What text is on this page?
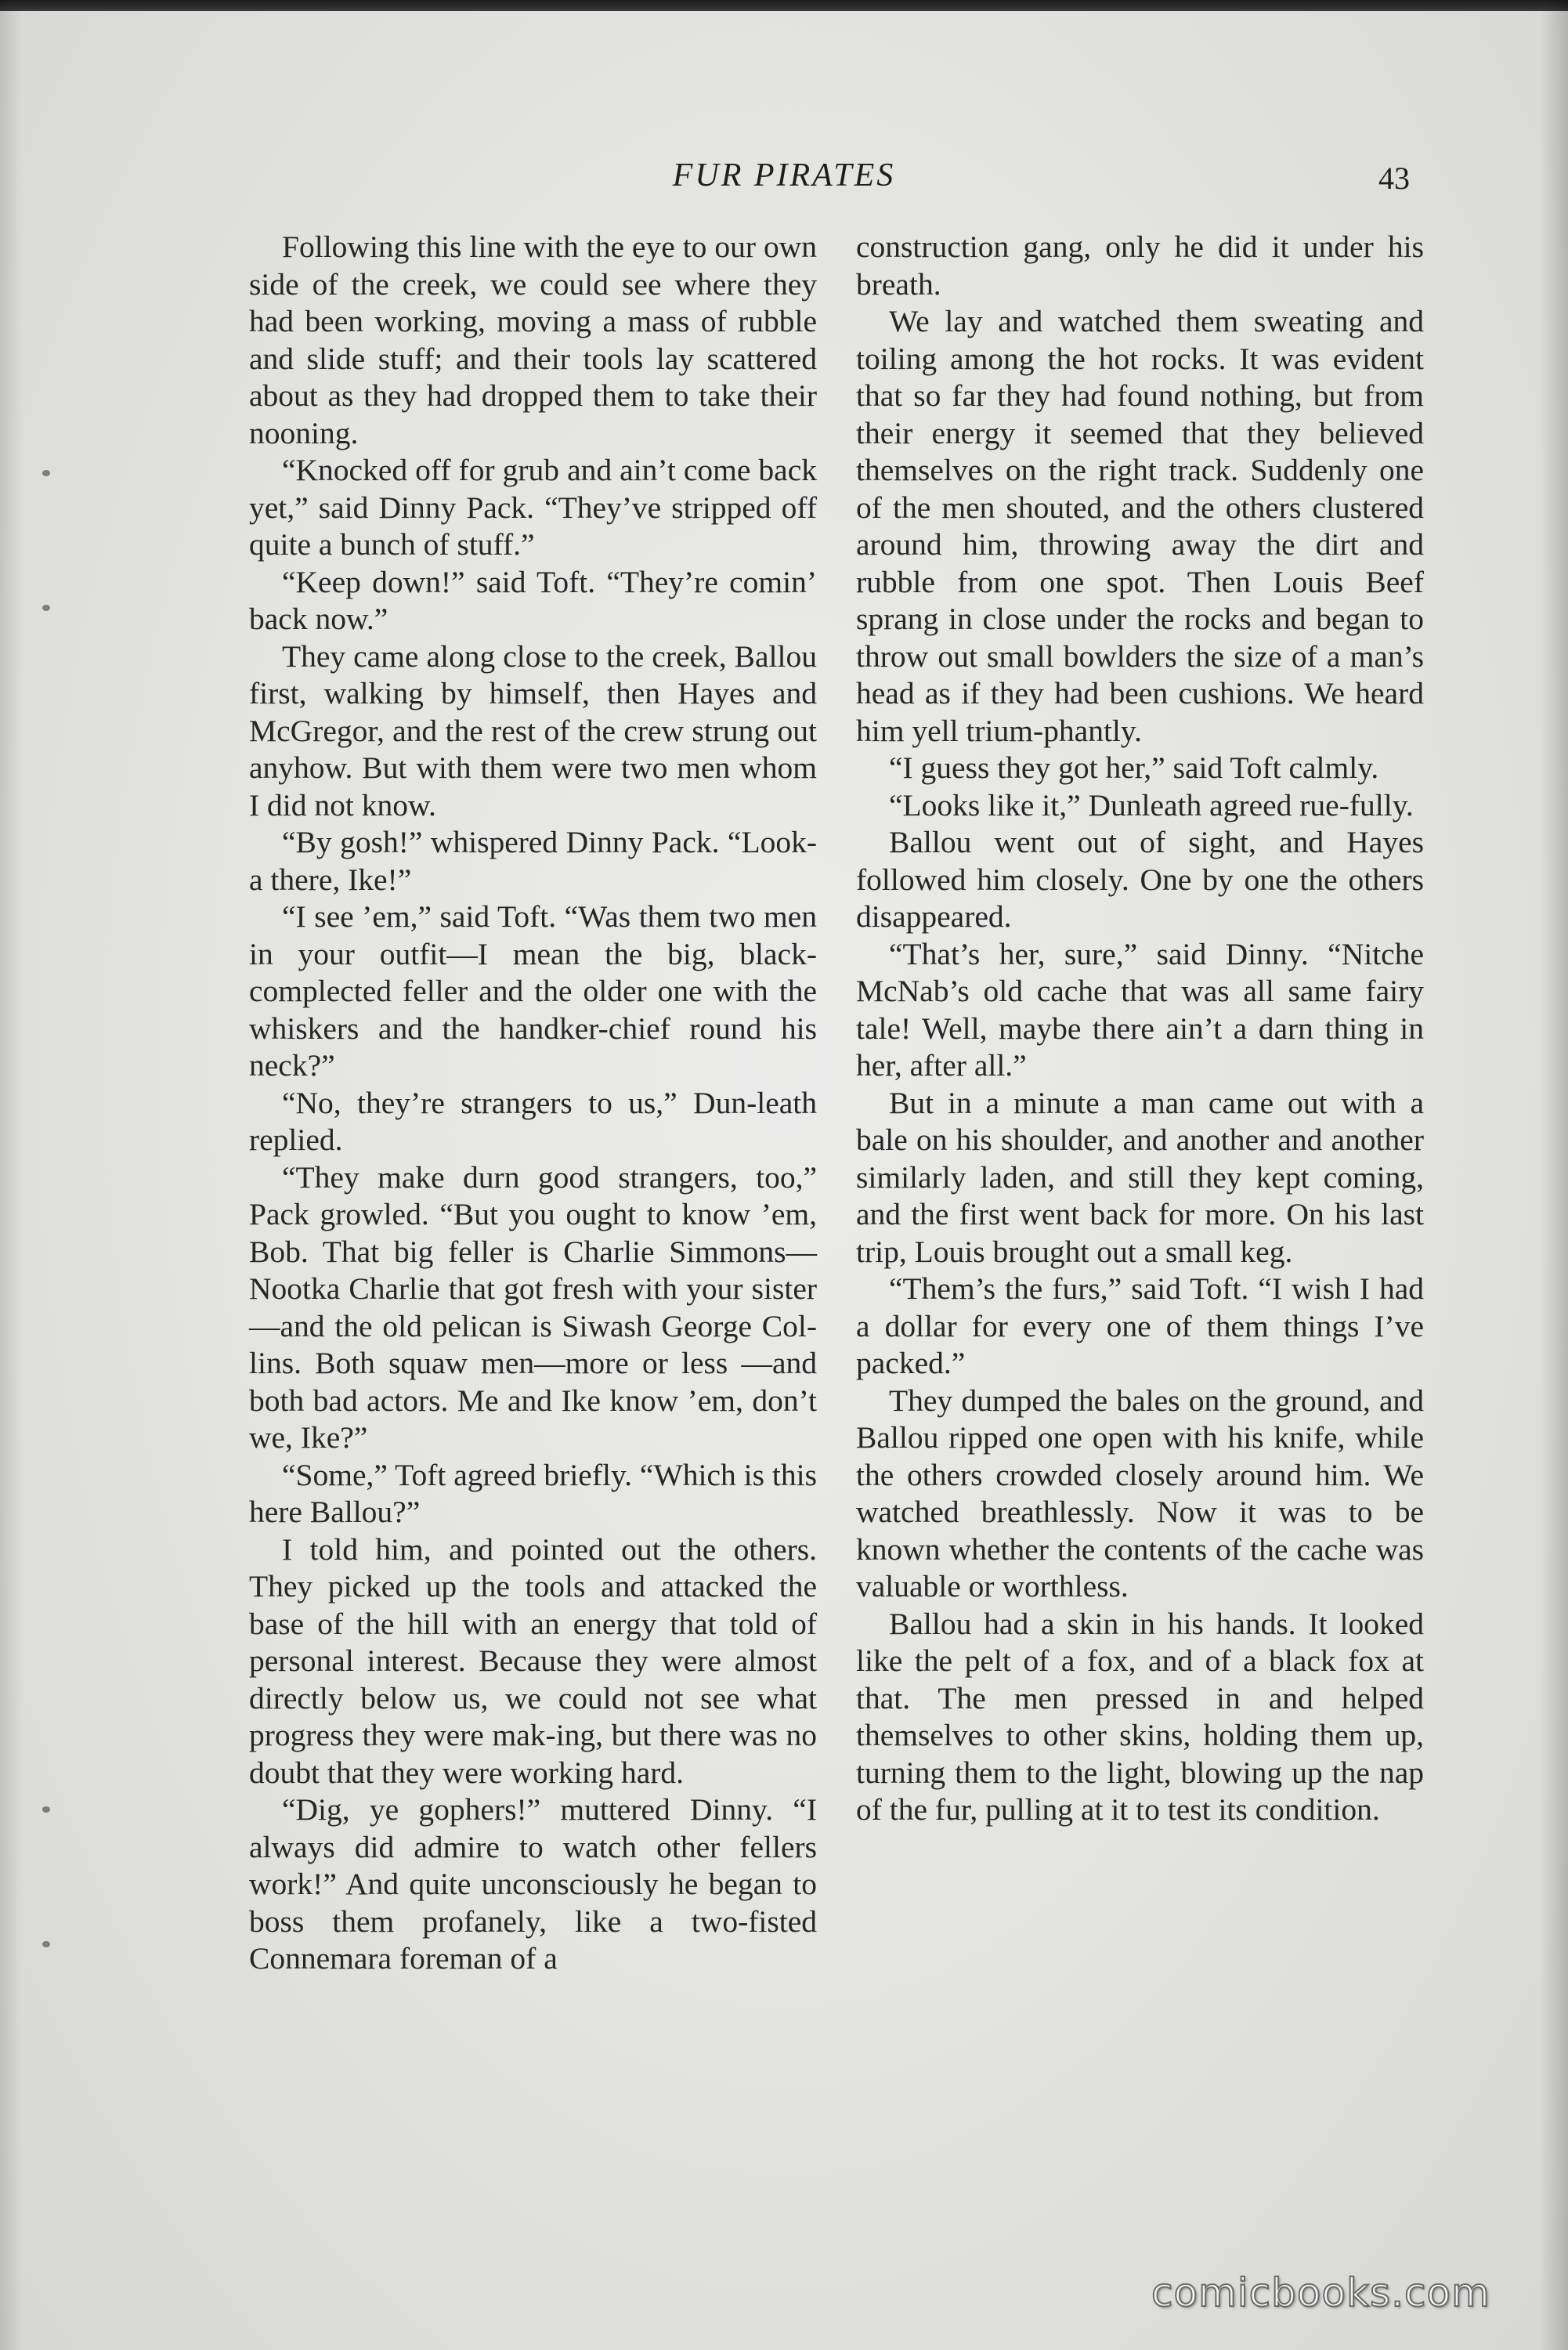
FUR PIRATES	43

Following this line with the eye to our own side of the creek, we could see where they had been working, moving a mass of rubble and slide stuff; and their tools lay scattered about as they had dropped them to take their nooning.

“Knocked off for grub and ain’t come back yet,” said Dinny Pack. “They’ve stripped off quite a bunch of stuff.”

“Keep down!” said Toft. “They’re comin’ back now.”

They came along close to the creek, Ballou first, walking by himself, then Hayes and McGregor, and the rest of the crew strung out anyhow. But with them were two men whom I did not know.

“By gosh!” whispered Dinny Pack. “Look-a there, Ike!”

“I see ’em,” said Toft. “Was them two men in your outfit—I mean the big, black-complected feller and the older one with the whiskers and the handker-chief round his neck?”

“No, they’re strangers to us,” Dun-leath replied.

“They make durn good strangers, too,” Pack growled. “But you ought to know ’em, Bob. That big feller is Charlie Simmons—Nootka Charlie that got fresh with your sister—and the old pelican is Siwash George Col-lins. Both squaw men—more or less —and both bad actors. Me and Ike know ’em, don’t we, Ike?”

“Some,” Toft agreed briefly. “Which is this here Ballou?”

I told him, and pointed out the others. They picked up the tools and attacked the base of the hill with an energy that told of personal interest. Because they were almost directly below us, we could not see what progress they were mak-ing, but there was no doubt that they were working hard.

“Dig, ye gophers!” muttered Dinny. “I always did admire to watch other fellers work!” And quite unconsciously he began to boss them profanely, like a two-fisted Connemara foreman of a

construction gang, only he did it under his breath.

We lay and watched them sweating and toiling among the hot rocks. It was evident that so far they had found nothing, but from their energy it seemed that they believed themselves on the right track. Suddenly one of the men shouted, and the others clustered around him, throwing away the dirt and rubble from one spot. Then Louis Beef sprang in close under the rocks and began to throw out small bowlders the size of a man’s head as if they had been cushions. We heard him yell trium-phantly.

“I guess they got her,” said Toft calmly.

“Looks like it,” Dunleath agreed rue-fully.

Ballou went out of sight, and Hayes followed him closely. One by one the others disappeared.

“That’s her, sure,” said Dinny. “Nitche McNab’s old cache that was all same fairy tale! Well, maybe there ain’t a darn thing in her, after all.”

But in a minute a man came out with a bale on his shoulder, and another and another similarly laden, and still they kept coming, and the first went back for more. On his last trip, Louis brought out a small keg.

“Them’s the furs,” said Toft. “I wish I had a dollar for every one of them things I’ve packed.”

They dumped the bales on the ground, and Ballou ripped one open with his knife, while the others crowded closely around him. We watched breathlessly. Now it was to be known whether the contents of the cache was valuable or worthless.

Ballou had a skin in his hands. It looked like the pelt of a fox, and of a black fox at that. The men pressed in and helped themselves to other skins, holding them up, turning them to the light, blowing up the nap of the fur, pulling at it to test its condition.

comicbooks.com
